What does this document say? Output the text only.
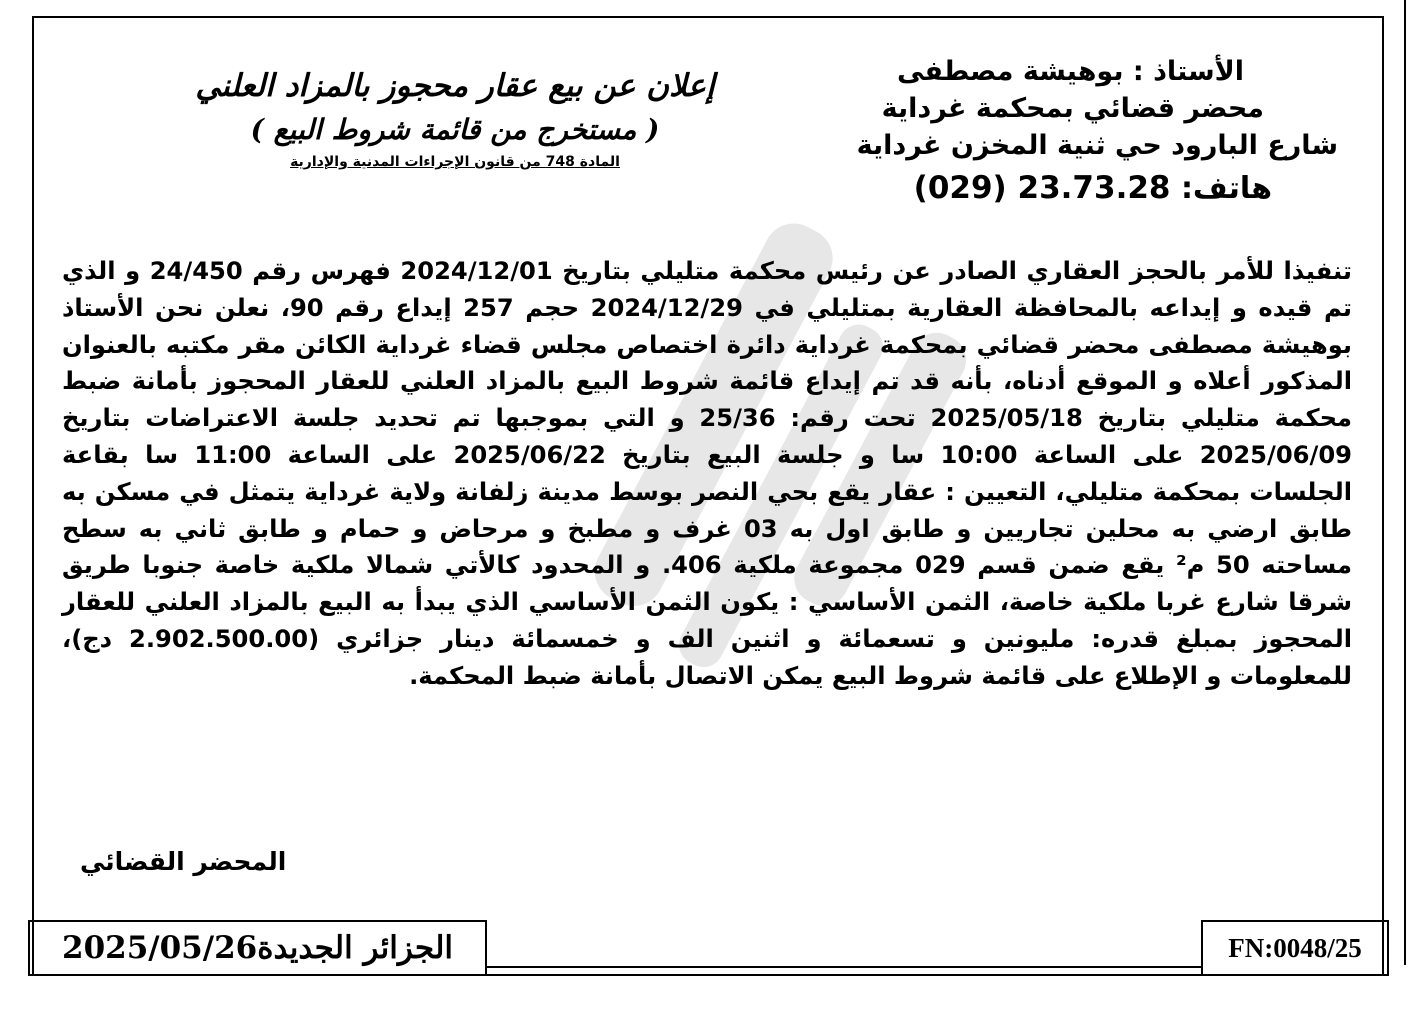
الأستاذ : بوهيشة مصطفى
محضر قضائي بمحكمة غرداية
شارع البارود حي ثنية المخزن غرداية
هاتف: (029) 23.73.28
إعلان عن بيع عقار محجوز بالمزاد العلني
( مستخرج من قائمة شروط البيع )
المادة 748 من قانون الإجراءات المدنية والإدارية
تنفيذا للأمر بالحجز العقاري الصادر عن رئيس محكمة متليلي بتاريخ 2024/12/01 فهرس رقم 24/450 و الذي تم قيده و إيداعه بالمحافظة العقارية بمتليلي في 2024/12/29 حجم 257 إيداع رقم 90، نعلن نحن الأستاذ بوهيشة مصطفى محضر قضائي بمحكمة غرداية دائرة اختصاص مجلس قضاء غرداية الكائن مقر مكتبه بالعنوان المذكور أعلاه و الموقع أدناه، بأنه قد تم إيداع قائمة شروط البيع بالمزاد العلني للعقار المحجوز بأمانة ضبط محكمة متليلي بتاريخ 2025/05/18 تحت رقم: 25/36 و التي بموجبها تم تحديد جلسة الاعتراضات بتاريخ 2025/06/09 على الساعة 10:00 سا و جلسة البيع بتاريخ 2025/06/22 على الساعة 11:00 سا بقاعة الجلسات بمحكمة متليلي، التعيين : عقار يقع بحي النصر بوسط مدينة زلفانة ولاية غرداية يتمثل في مسكن به طابق ارضي به محلين تجاريين و طابق اول به 03 غرف و مطبخ و مرحاض و حمام و طابق ثاني به سطح مساحته 50 م² يقع ضمن قسم 029 مجموعة ملكية 406. و المحدود كالأتي شمالا ملكية خاصة جنوبا طريق شرقا شارع غربا ملكية خاصة، الثمن الأساسي : يكون الثمن الأساسي الذي يبدأ به البيع بالمزاد العلني للعقار المحجوز بمبلغ قدره: مليونين و تسعمائة و اثنين الف و خمسمائة دينار جزائري (2.902.500.00 دج)، للمعلومات و الإطلاع على قائمة شروط البيع يمكن الاتصال بأمانة ضبط المحكمة.
المحضر القضائي
الجزائر الجديدة
2025/05/26	FN:0048/25
